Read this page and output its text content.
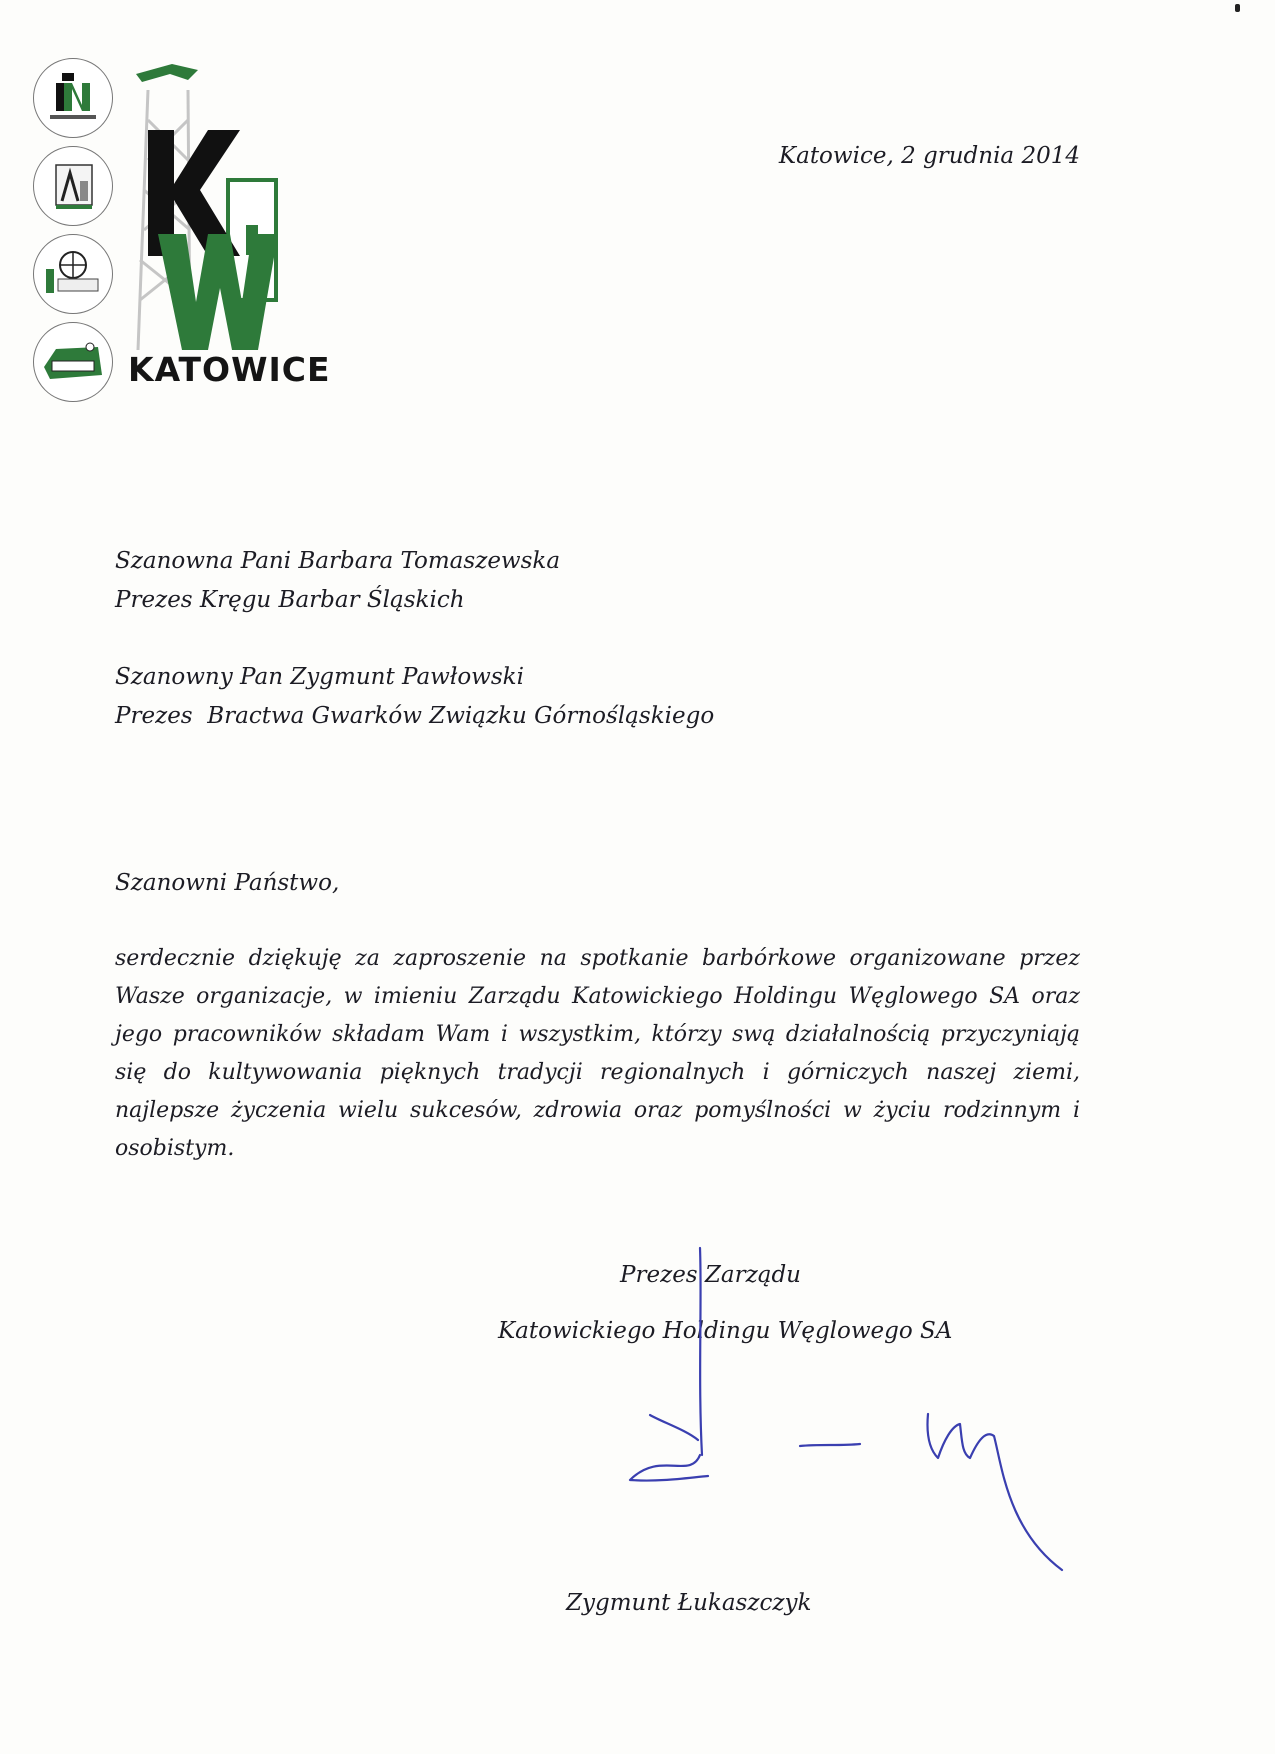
KATOWICE
Katowice, 2 grudnia 2014

Szanowna Pani Barbara Tomaszewska

Prezes Kręgu Barbar Śląskich

Szanowny Pan Zygmunt Pawłowski

Prezes  Bractwa Gwarków Związku Górnośląskiego

Szanowni Państwo,

serdecznie dziękuję za zaproszenie na spotkanie barbórkowe organizowane przez Wasze organizacje, w imieniu Zarządu Katowickiego Holdingu Węglowego SA oraz jego pracowników składam Wam i wszystkim, którzy swą działalnością przyczyniają się do kultywowania pięknych tradycji regionalnych i górniczych naszej ziemi, najlepsze życzenia wielu sukcesów, zdrowia oraz pomyślności w życiu rodzinnym i osobistym.

Prezes Zarządu

Katowickiego Holdingu Węglowego SA

Zygmunt Łukaszczyk
